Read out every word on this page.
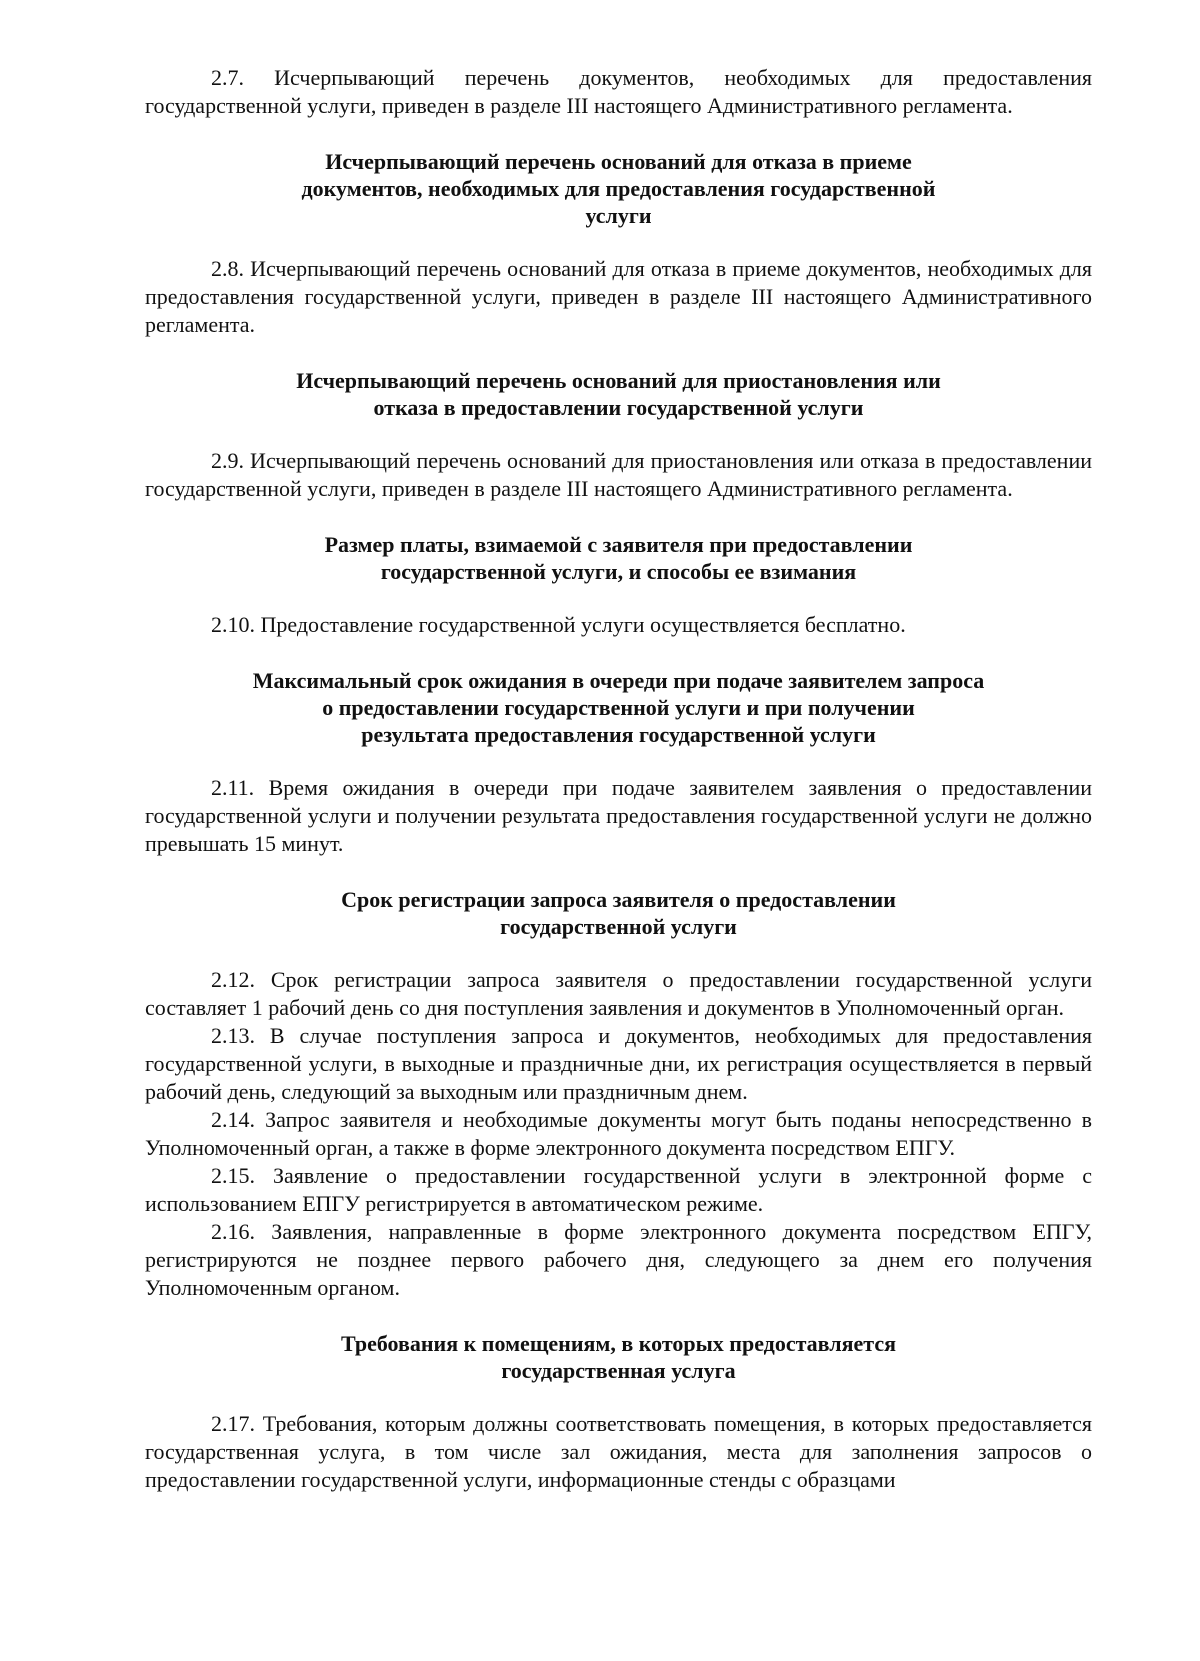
2.7. Исчерпывающий перечень документов, необходимых для предоставления государственной услуги, приведен в разделе III настоящего Административного регламента.

Исчерпывающий перечень оснований для отказа в приеме
документов, необходимых для предоставления государственной
услуги

2.8. Исчерпывающий перечень оснований для отказа в приеме документов, необходимых для предоставления государственной услуги, приведен в разделе III настоящего Административного регламента.

Исчерпывающий перечень оснований для приостановления или
отказа в предоставлении государственной услуги

2.9. Исчерпывающий перечень оснований для приостановления или отказа в предоставлении государственной услуги, приведен в разделе III настоящего Административного регламента.

Размер платы, взимаемой с заявителя при предоставлении
государственной услуги, и способы ее взимания

2.10. Предоставление государственной услуги осуществляется бесплатно.

Максимальный срок ожидания в очереди при подаче заявителем запроса
о предоставлении государственной услуги и при получении
результата предоставления государственной услуги

2.11. Время ожидания в очереди при подаче заявителем заявления о предоставлении государственной услуги и получении результата предоставления государственной услуги не должно превышать 15 минут.

Срок регистрации запроса заявителя о предоставлении
государственной услуги

2.12. Срок регистрации запроса заявителя о предоставлении государственной услуги составляет 1 рабочий день со дня поступления заявления и документов в Уполномоченный орган.

2.13. В случае поступления запроса и документов, необходимых для предоставления государственной услуги, в выходные и праздничные дни, их регистрация осуществляется в первый рабочий день, следующий за выходным или праздничным днем.

2.14. Запрос заявителя и необходимые документы могут быть поданы непосредственно в Уполномоченный орган, а также в форме электронного документа посредством ЕПГУ.

2.15. Заявление о предоставлении государственной услуги в электронной форме с использованием ЕПГУ регистрируется в автоматическом режиме.

2.16. Заявления, направленные в форме электронного документа посредством ЕПГУ, регистрируются не позднее первого рабочего дня, следующего за днем его получения Уполномоченным органом.

Требования к помещениям, в которых предоставляется
государственная услуга

2.17. Требования, которым должны соответствовать помещения, в которых предоставляется государственная услуга, в том числе зал ожидания, места для заполнения запросов о предоставлении государственной услуги, информационные стенды с образцами
